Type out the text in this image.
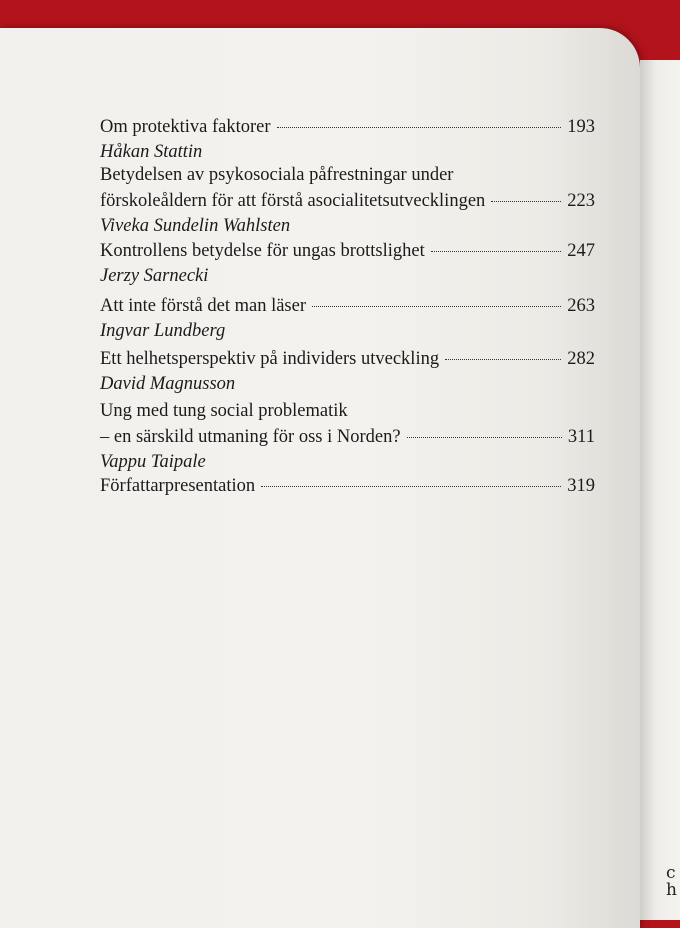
c
h
Om protektiva faktorer	193
Håkan Stattin
Betydelsen av psykosociala påfrestningar under
förskoleåldern för att förstå asocialitetsutvecklingen	223
Viveka Sundelin Wahlsten
Kontrollens betydelse för ungas brottslighet	247
Jerzy Sarnecki
Att inte förstå det man läser	263
Ingvar Lundberg
Ett helhetsperspektiv på individers utveckling	282
David Magnusson
Ung med tung social problematik
– en särskild utmaning för oss i Norden?	311
Vappu Taipale
Författarpresentation	319
